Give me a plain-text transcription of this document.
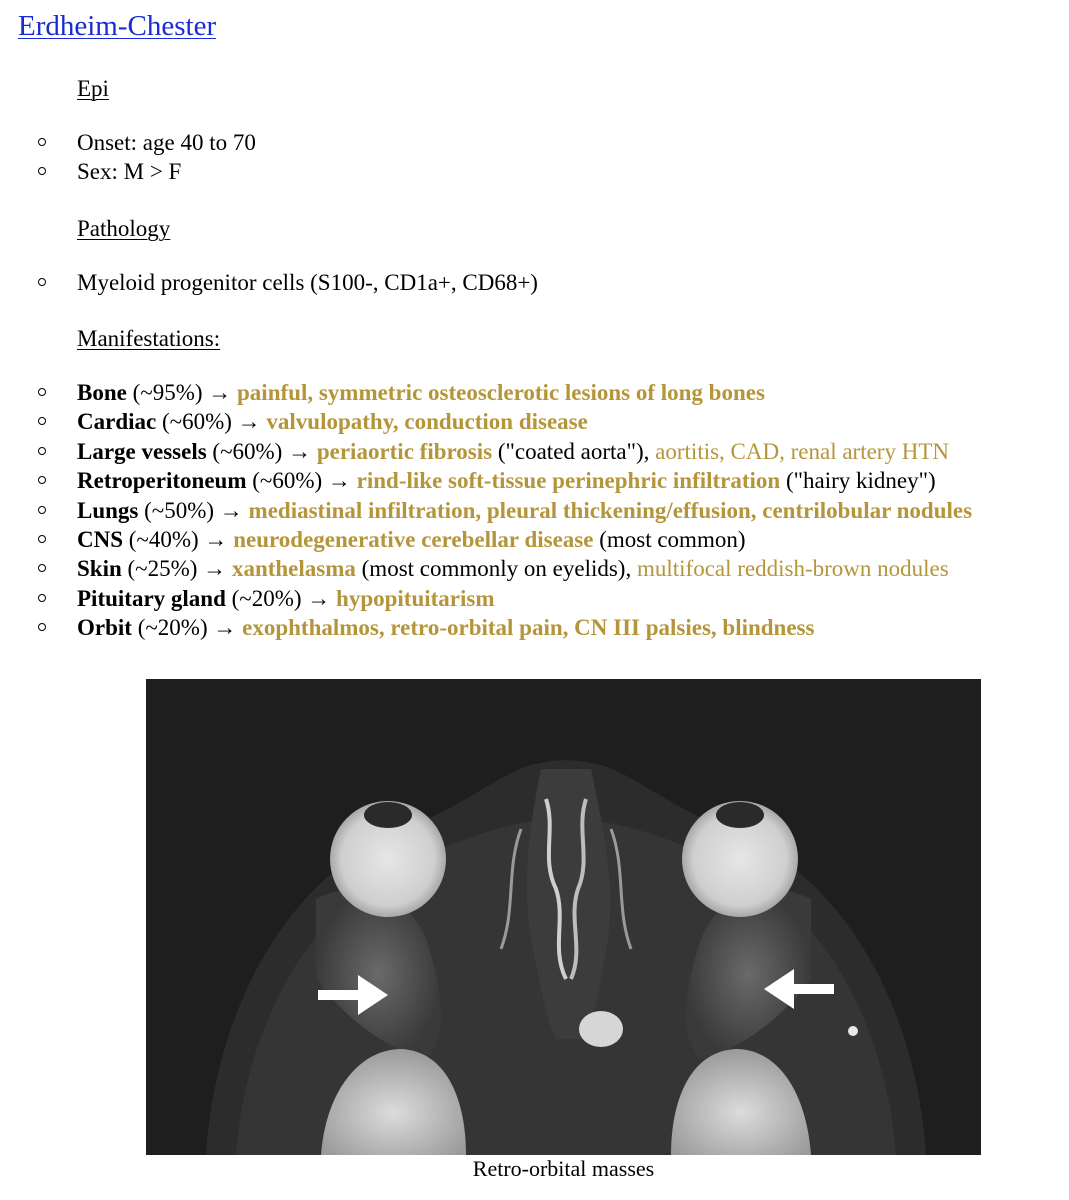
Erdheim-Chester
Epi
Onset: age 40 to 70
Sex: M > F
Pathology
Myeloid progenitor cells (S100-, CD1a+, CD68+)
Manifestations:
Bone (~95%) → painful, symmetric osteosclerotic lesions of long bones
Cardiac (~60%) → valvulopathy, conduction disease
Large vessels (~60%) → periaortic fibrosis ("coated aorta"), aortitis, CAD, renal artery HTN
Retroperitoneum (~60%) → rind-like soft-tissue perinephric infiltration ("hairy kidney")
Lungs (~50%) → mediastinal infiltration, pleural thickening/effusion, centrilobular nodules
CNS (~40%) → neurodegenerative cerebellar disease (most common)
Skin (~25%) → xanthelasma (most commonly on eyelids), multifocal reddish-brown nodules
Pituitary gland (~20%) → hypopituitarism
Orbit (~20%) → exophthalmos, retro-orbital pain, CN III palsies, blindness
Retro-orbital masses
